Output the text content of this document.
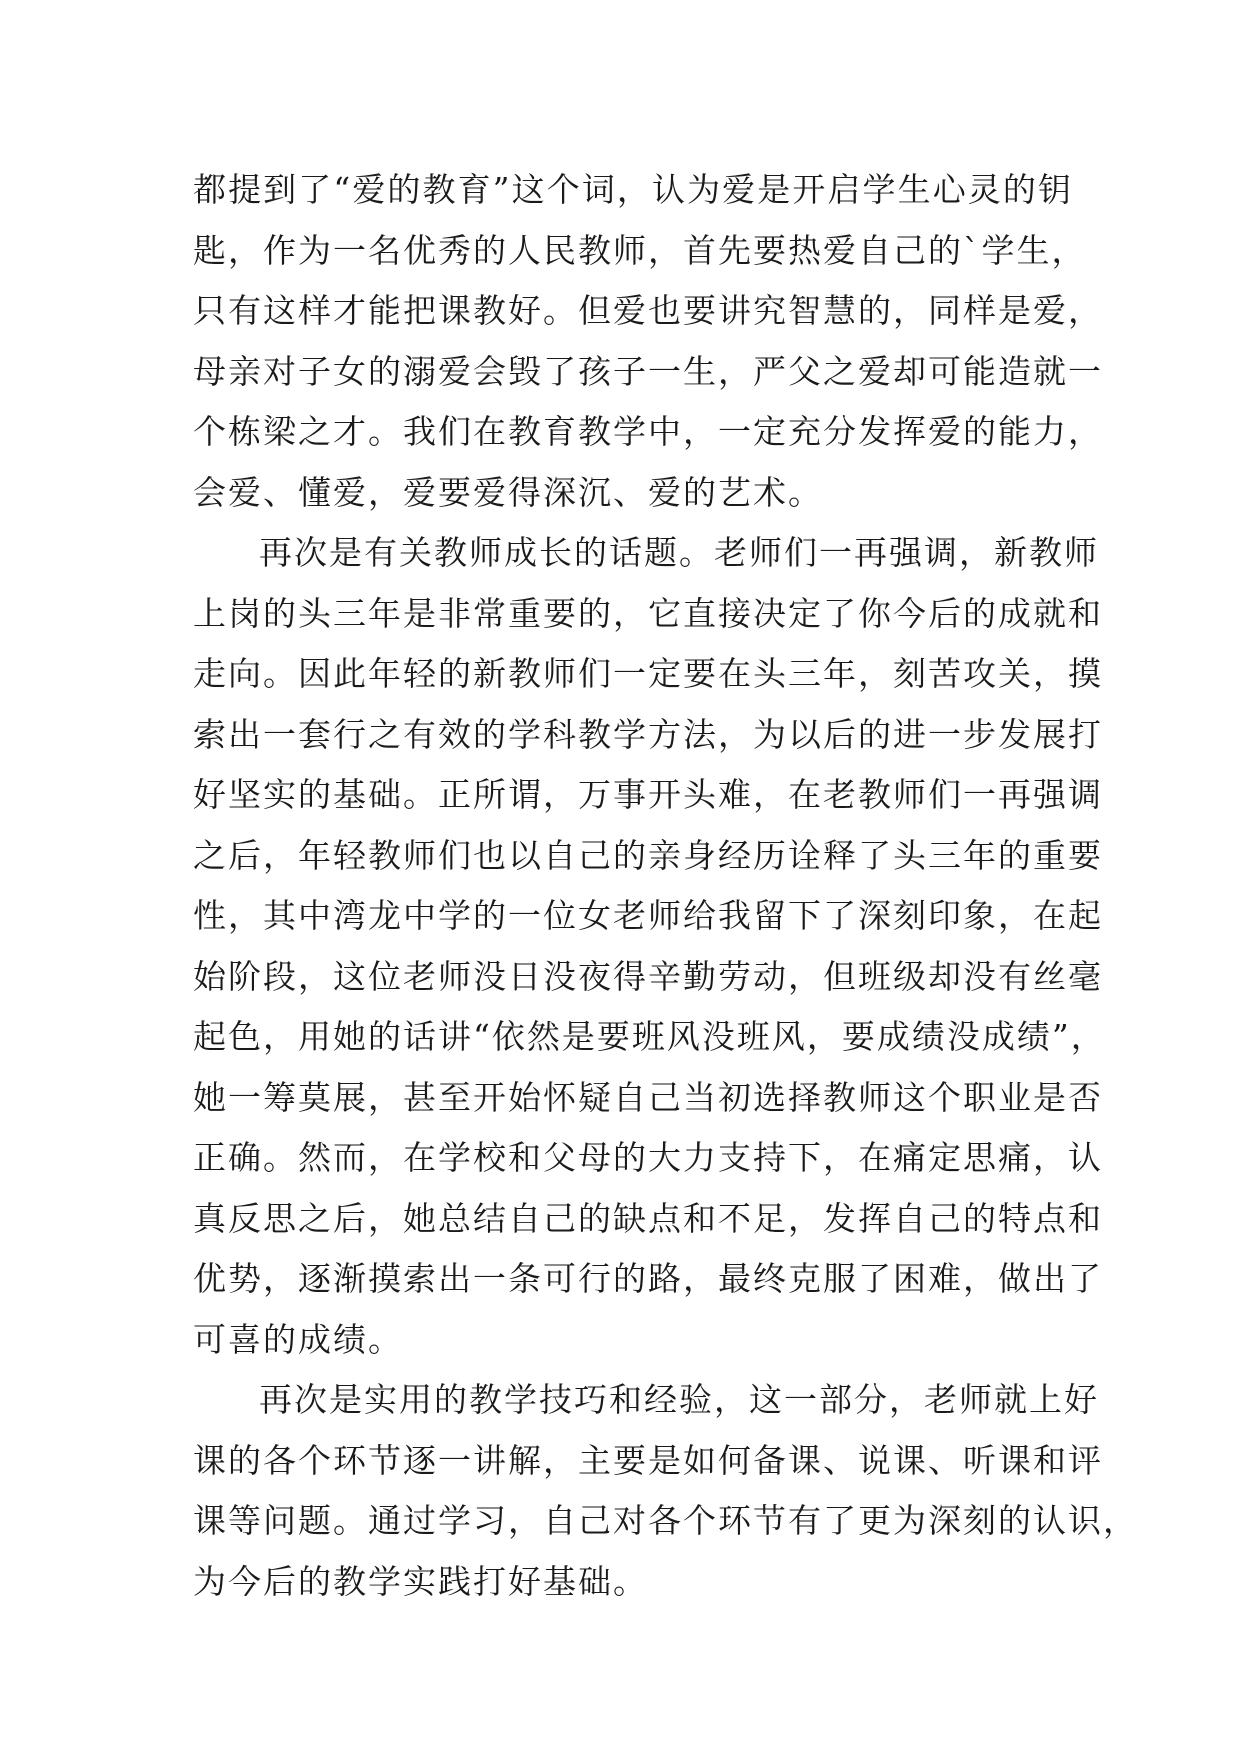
都提到了“爱的教育”这个词，认为爱是开启学生心灵的钥
匙，作为一名优秀的人民教师，首先要热爱自己的`学生，
只有这样才能把课教好。但爱也要讲究智慧的，同样是爱，
母亲对子女的溺爱会毁了孩子一生，严父之爱却可能造就一
个栋梁之才。我们在教育教学中，一定充分发挥爱的能力，
会爱、懂爱，爱要爱得深沉、爱的艺术。
再次是有关教师成长的话题。老师们一再强调，新教师
上岗的头三年是非常重要的，它直接决定了你今后的成就和
走向。因此年轻的新教师们一定要在头三年，刻苦攻关，摸
索出一套行之有效的学科教学方法，为以后的进一步发展打
好坚实的基础。正所谓，万事开头难，在老教师们一再强调
之后，年轻教师们也以自己的亲身经历诠释了头三年的重要
性，其中湾龙中学的一位女老师给我留下了深刻印象，在起
始阶段，这位老师没日没夜得辛勤劳动，但班级却没有丝毫
起色，用她的话讲“依然是要班风没班风，要成绩没成绩”，
她一筹莫展，甚至开始怀疑自己当初选择教师这个职业是否
正确。然而，在学校和父母的大力支持下，在痛定思痛，认
真反思之后，她总结自己的缺点和不足，发挥自己的特点和
优势，逐渐摸索出一条可行的路，最终克服了困难，做出了
可喜的成绩。
再次是实用的教学技巧和经验，这一部分，老师就上好
课的各个环节逐一讲解，主要是如何备课、说课、听课和评
课等问题。通过学习，自己对各个环节有了更为深刻的认识，
为今后的教学实践打好基础。
